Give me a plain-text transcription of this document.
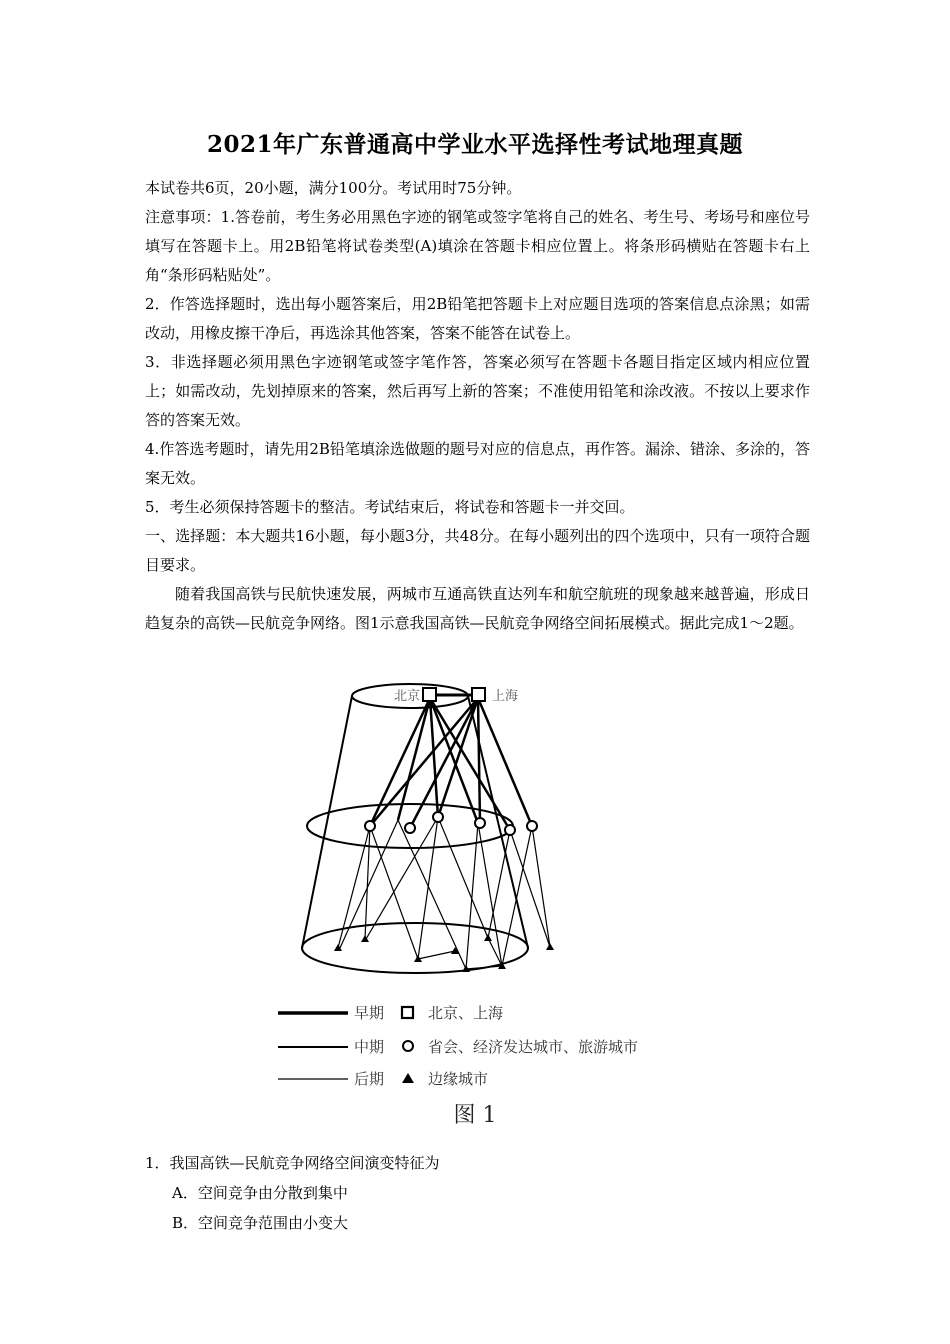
2021年广东普通高中学业水平选择性考试地理真题

本试卷共6页，20小题，满分100分。考试用时75分钟。

注意事项：1.答卷前，考生务必用黑色字迹的钢笔或签字笔将自己的姓名、考生号、考场号和座位号填写在答题卡上。用2B铅笔将试卷类型(A)填涂在答题卡相应位置上。将条形码横贴在答题卡右上角“条形码粘贴处”。

2．作答选择题时，选出每小题答案后，用2B铅笔把答题卡上对应题目选项的答案信息点涂黑；如需改动，用橡皮擦干净后，再选涂其他答案，答案不能答在试卷上。

3．非选择题必须用黑色字迹钢笔或签字笔作答，答案必须写在答题卡各题目指定区域内相应位置上；如需改动，先划掉原来的答案，然后再写上新的答案；不准使用铅笔和涂改液。不按以上要求作答的答案无效。

4.作答选考题时，请先用2B铅笔填涂选做题的题号对应的信息点，再作答。漏涂、错涂、多涂的，答案无效。

5．考生必须保持答题卡的整洁。考试结束后，将试卷和答题卡一并交回。

一、选择题：本大题共16小题，每小题3分，共48分。在每小题列出的四个选项中，只有一项符合题目要求。

随着我国高铁与民航快速发展，两城市互通高铁直达列车和航空航班的现象越来越普遍，形成日趋复杂的高铁—民航竞争网络。图1示意我国高铁—民航竞争网络空间拓展模式。据此完成1～2题。

北京	上海
早期	北京、上海
中期	省会、经济发达城市、旅游城市
后期	边缘城市
图 1

1．我国高铁—民航竞争网络空间演变特征为

A．空间竞争由分散到集中

B．空间竞争范围由小变大
